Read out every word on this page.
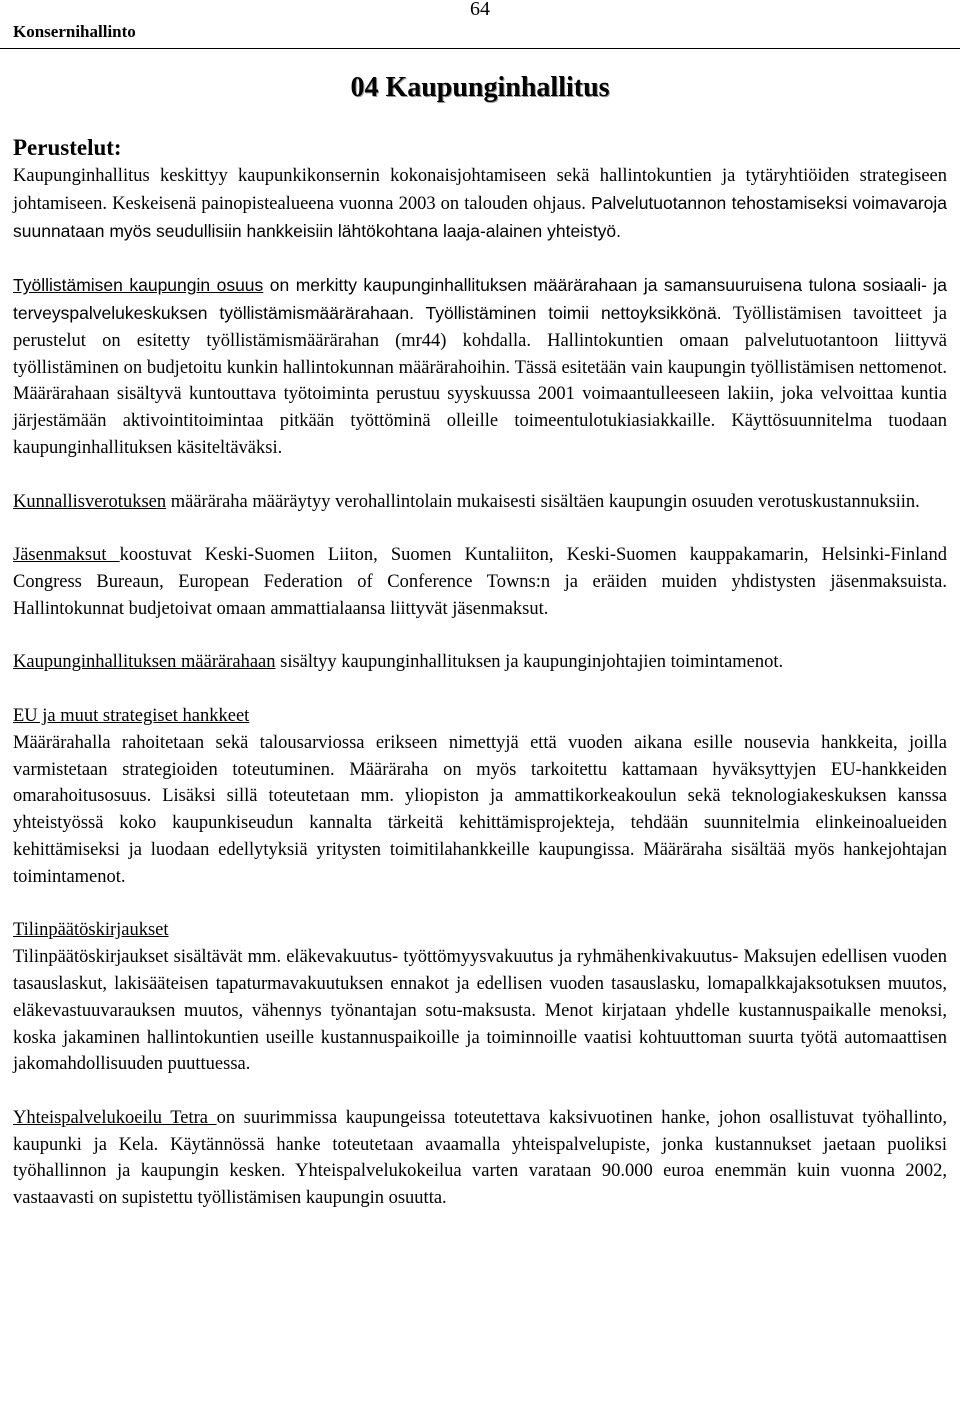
Konsernihallinto
64
04 Kaupunginhallitus
Perustelut:

Kaupunginhallitus keskittyy kaupunkikonsernin kokonaisjohtamiseen sekä hallintokuntien ja tytäryhtiöiden strategiseen johtamiseen. Keskeisenä painopistealueena vuonna 2003 on talouden ohjaus. Palvelutuotannon tehostamiseksi voimavaroja suunnataan myös seudullisiin hankkeisiin lähtökohtana laaja-alainen yhteistyö.

Työllistämisen kaupungin osuus on merkitty kaupunginhallituksen määrärahaan ja samansuuruisena tulona sosiaali- ja terveyspalvelukeskuksen työllistämismäärärahaan. Työllistäminen toimii nettoyksikkönä. Työllistämisen tavoitteet ja perustelut on esitetty työllistämismäärärahan (mr44) kohdalla. Hallintokuntien omaan palvelutuotantoon liittyvä työllistäminen on budjetoitu kunkin hallintokunnan määrärahoihin. Tässä esitetään vain kaupungin työllistämisen nettomenot. Määrärahaan sisältyvä kuntouttava työtoiminta perustuu syyskuussa 2001 voimaantulleeseen lakiin, joka velvoittaa kuntia järjestämään aktivointitoimintaa pitkään työttöminä olleille toimeentulotukiasiakkaille. Käyttösuunnitelma tuodaan kaupunginhallituksen käsiteltäväksi.

Kunnallisverotuksen määräraha määräytyy verohallintolain mukaisesti sisältäen kaupungin osuuden verotuskustannuksiin.

Jäsenmaksut koostuvat Keski-Suomen Liiton, Suomen Kuntaliiton, Keski-Suomen kauppakamarin, Helsinki-Finland Congress Bureaun, European Federation of Conference Towns:n ja eräiden muiden yhdistysten jäsenmaksuista. Hallintokunnat budjetoivat omaan ammattialaansa liittyvät jäsenmaksut.

Kaupunginhallituksen määrärahaan sisältyy kaupunginhallituksen ja kaupunginjohtajien toimintamenot.

EU ja muut strategiset hankkeet
Määrärahalla rahoitetaan sekä talousarviossa erikseen nimettyjä että vuoden aikana esille nousevia hankkeita, joilla varmistetaan strategioiden toteutuminen. Määräraha on myös tarkoitettu kattamaan hyväksyttyjen EU-hankkeiden omarahoitusosuus. Lisäksi sillä toteutetaan mm. yliopiston ja ammattikorkeakoulun sekä teknologiakeskuksen kanssa yhteistyössä koko kaupunkiseudun kannalta tärkeitä kehittämisprojekteja, tehdään suunnitelmia elinkeinoalueiden kehittämiseksi ja luodaan edellytyksiä yritysten toimitilahankkeille kaupungissa. Määräraha sisältää myös hankejohtajan toimintamenot.

Tilinpäätöskirjaukset
Tilinpäätöskirjaukset sisältävät mm. eläkevakuutus- työttömyysvakuutus ja ryhmähenkivakuutus- Maksujen edellisen vuoden tasauslaskut, lakisääteisen tapaturmavakuutuksen ennakot ja edellisen vuoden tasauslasku, lomapalkkajaksotuksen muutos, eläkevastuuvarauksen muutos, vähennys työnantajan sotu-maksusta. Menot kirjataan yhdelle kustannuspaikalle menoksi, koska jakaminen hallintokuntien useille kustannuspaikoille ja toiminnoille vaatisi kohtuuttoman suurta työtä automaattisen jakomahdollisuuden puuttuessa.

Yhteispalvelukoeilu Tetra on suurimmissa kaupungeissa toteutettava kaksivuotinen hanke, johon osallistuvat työhallinto, kaupunki ja Kela. Käytännössä hanke toteutetaan avaamalla yhteispalvelupiste, jonka kustannukset jaetaan puoliksi työhallinnon ja kaupungin kesken. Yhteispalvelukokeilua varten varataan 90.000 euroa enemmän kuin vuonna 2002, vastaavasti on supistettu työllistämisen kaupungin osuutta.
